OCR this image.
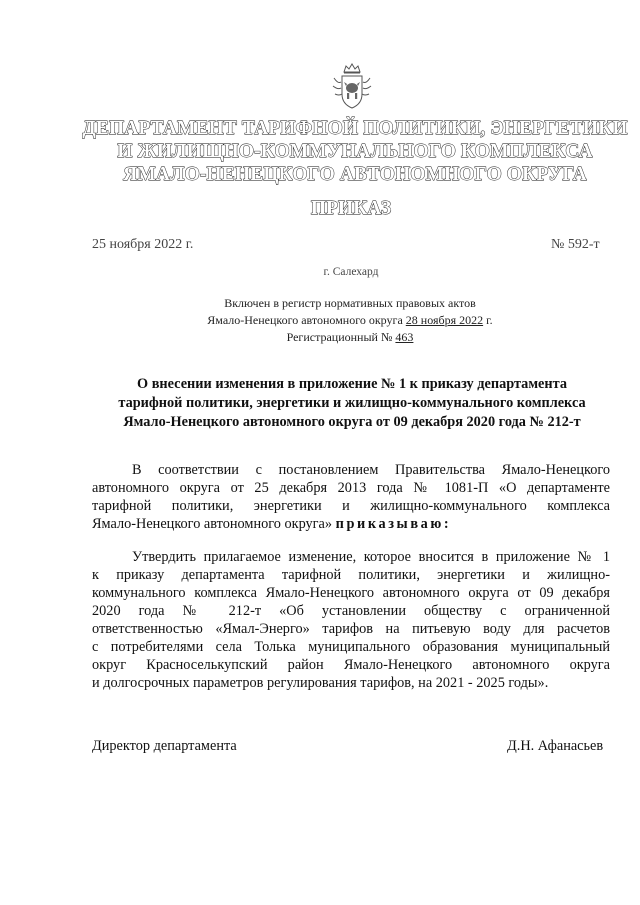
ДЕПАРТАМЕНТ ТАРИФНОЙ ПОЛИТИКИ, ЭНЕРГЕТИКИ
И ЖИЛИЩНО-КОММУНАЛЬНОГО КОМПЛЕКСА
ЯМАЛО-НЕНЕЦКОГО АВТОНОМНОГО ОКРУГА
ПРИКАЗ
25 ноября 2022 г.	№ 592-т
г. Салехард
Включен в регистр нормативных правовых актов
Ямало-Ненецкого автономного округа 28 ноября 2022 г.
Регистрационный № 463
О внесении изменения в приложение № 1 к приказу департамента
тарифной политики, энергетики и жилищно-коммунального комплекса
Ямало-Ненецкого автономного округа от 09 декабря 2020 года № 212-т
В соответствии с постановлением Правительства Ямало-Ненецкого
автономного округа от 25 декабря 2013 года № 1081-П «О департаменте
тарифной политики, энергетики и жилищно-коммунального комплекса
Ямало-Ненецкого автономного округа» приказываю:
Утвердить прилагаемое изменение, которое вносится в приложение № 1
к приказу департамента тарифной политики, энергетики и жилищно-
коммунального комплекса Ямало-Ненецкого автономного округа от 09 декабря
2020 года № 212-т «Об установлении обществу с ограниченной
ответственностью «Ямал-Энерго» тарифов на питьевую воду для расчетов
с потребителями села Толька муниципального образования муниципальный
округ Красноселькупский район Ямало-Ненецкого автономного округа
и долгосрочных параметров регулирования тарифов, на 2021 - 2025 годы».
Директор департамента	Д.Н. Афанасьев
